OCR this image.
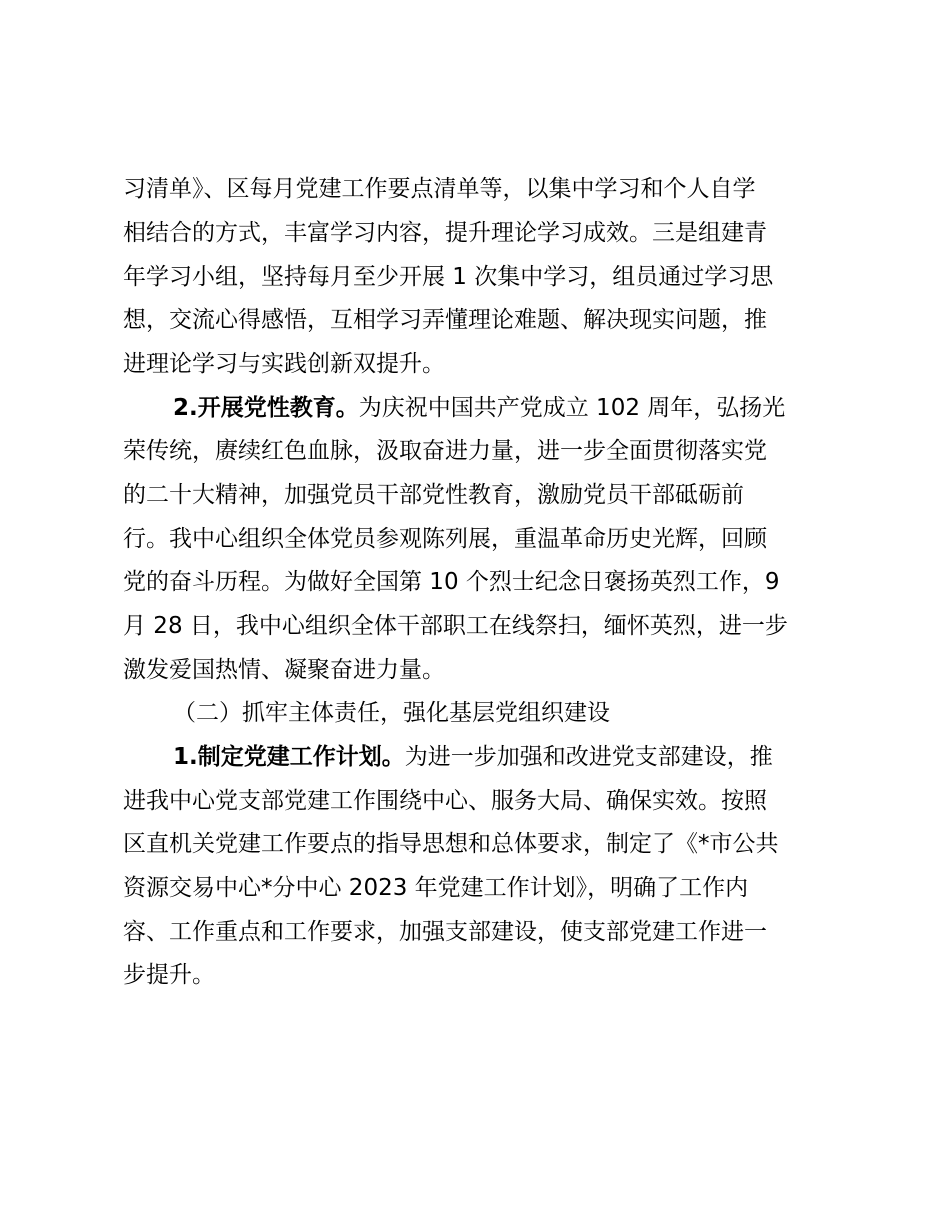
习清单》、区每月党建工作要点清单等，以集中学习和个人自学
相结合的方式，丰富学习内容，提升理论学习成效。三是组建青
年学习小组，坚持每月至少开展 1 次集中学习，组员通过学习思
想，交流心得感悟，互相学习弄懂理论难题、解决现实问题，推
进理论学习与实践创新双提升。
2.开展党性教育。为庆祝中国共产党成立 102 周年，弘扬光
荣传统，赓续红色血脉，汲取奋进力量，进一步全面贯彻落实党
的二十大精神，加强党员干部党性教育，激励党员干部砥砺前
行。我中心组织全体党员参观陈列展，重温革命历史光辉，回顾
党的奋斗历程。为做好全国第 10 个烈士纪念日褒扬英烈工作，9
月 28 日，我中心组织全体干部职工在线祭扫，缅怀英烈，进一步
激发爱国热情、凝聚奋进力量。
（二）抓牢主体责任，强化基层党组织建设
1.制定党建工作计划。为进一步加强和改进党支部建设，推
进我中心党支部党建工作围绕中心、服务大局、确保实效。按照
区直机关党建工作要点的指导思想和总体要求，制定了《*市公共
资源交易中心*分中心 2023 年党建工作计划》，明确了工作内
容、工作重点和工作要求，加强支部建设，使支部党建工作进一
步提升。
